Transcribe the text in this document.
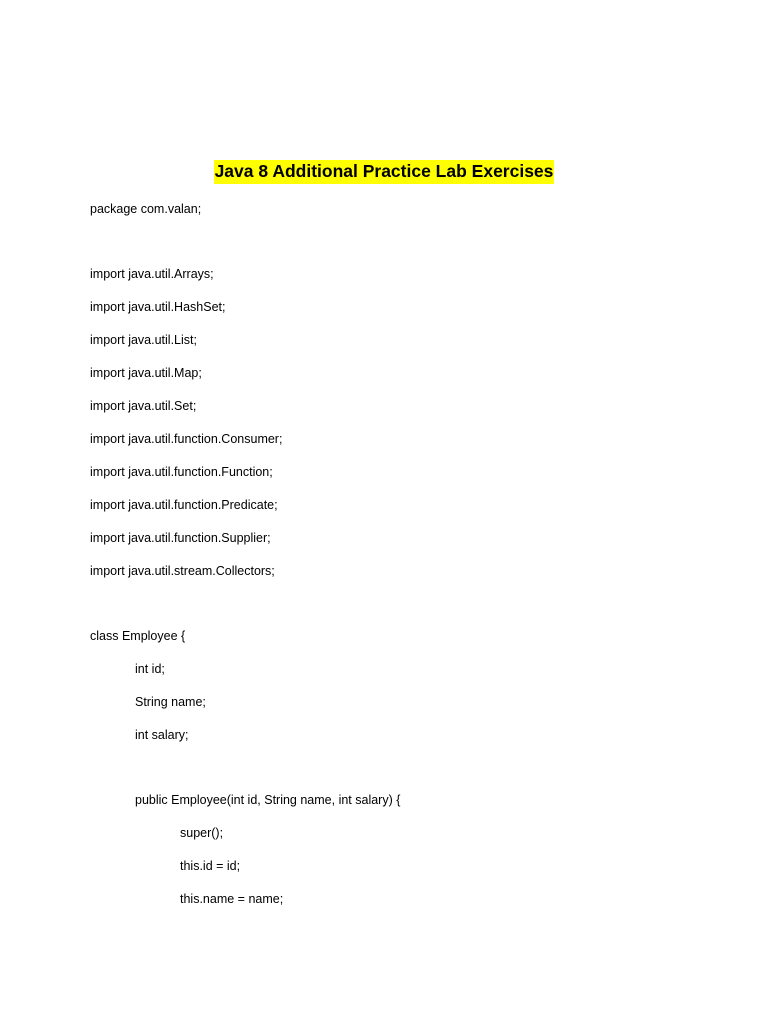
Java 8 Additional Practice Lab Exercises

package com.valan;

import java.util.Arrays;

import java.util.HashSet;

import java.util.List;

import java.util.Map;

import java.util.Set;

import java.util.function.Consumer;

import java.util.function.Function;

import java.util.function.Predicate;

import java.util.function.Supplier;

import java.util.stream.Collectors;

class Employee {

int id;

String name;

int salary;

public Employee(int id, String name, int salary) {

super();

this.id = id;

this.name = name;
